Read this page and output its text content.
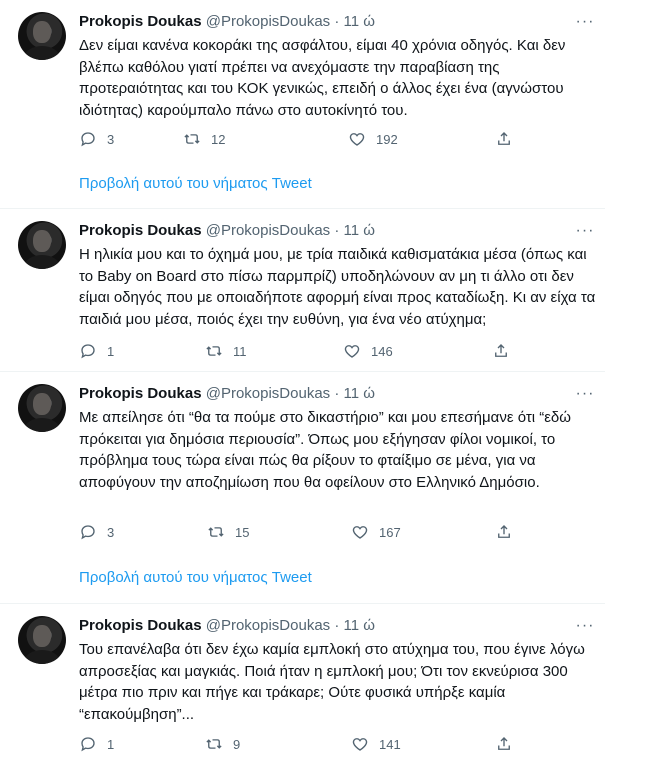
Prokopis Doukas @ProkopisDoukas · 11 ώ	···
Δεν είμαι κανένα κοκοράκι της ασφάλτου, είμαι 40 χρόνια οδηγός. Και δεν βλέπω καθόλου γιατί πρέπει να ανεχόμαστε την παραβίαση της προτεραιότητας και του ΚΟΚ γενικώς, επειδή ο άλλος έχει ένα (αγνώστου ιδιότητας) καρούμπαλο πάνω στο αυτοκίνητό του.
3	12	192
Προβολή αυτού του νήματος Tweet
Prokopis Doukas @ProkopisDoukas · 11 ώ	···
Η ηλικία μου και το όχημά μου, με τρία παιδικά καθισματάκια μέσα (όπως και το Baby on Board στο πίσω παρμπρίζ) υποδηλώνουν αν μη τι άλλο οτι δεν είμαι οδηγός που με οποιαδήποτε αφορμή είναι προς καταδίωξη. Κι αν είχα τα παιδιά μου μέσα, ποιός έχει την ευθύνη, για ένα νέο ατύχημα;
1	11	146
Prokopis Doukas @ProkopisDoukas · 11 ώ	···
Με απείλησε ότι “θα τα πούμε στο δικαστήριο” και μου επεσήμανε ότι “εδώ πρόκειται για δημόσια περιουσία”. Όπως μου εξήγησαν φίλοι νομικοί, το πρόβλημα τους τώρα είναι πώς θα ρίξουν το φταίξιμο σε μένα, για να αποφύγουν την αποζημίωση που θα οφείλουν στο Ελληνικό Δημόσιο.
3	15	167
Προβολή αυτού του νήματος Tweet
Prokopis Doukas @ProkopisDoukas · 11 ώ	···
Του επανέλαβα ότι δεν έχω καμία εμπλοκή στο ατύχημα του, που έγινε λόγω απροσεξίας και μαγκιάς. Ποιά ήταν η εμπλοκή μου; Ότι τον εκνεύρισα 300 μέτρα πιο πριν και πήγε και τράκαρε; Ούτε φυσικά υπήρξε καμία “επακούμβηση”...
1	9	141
